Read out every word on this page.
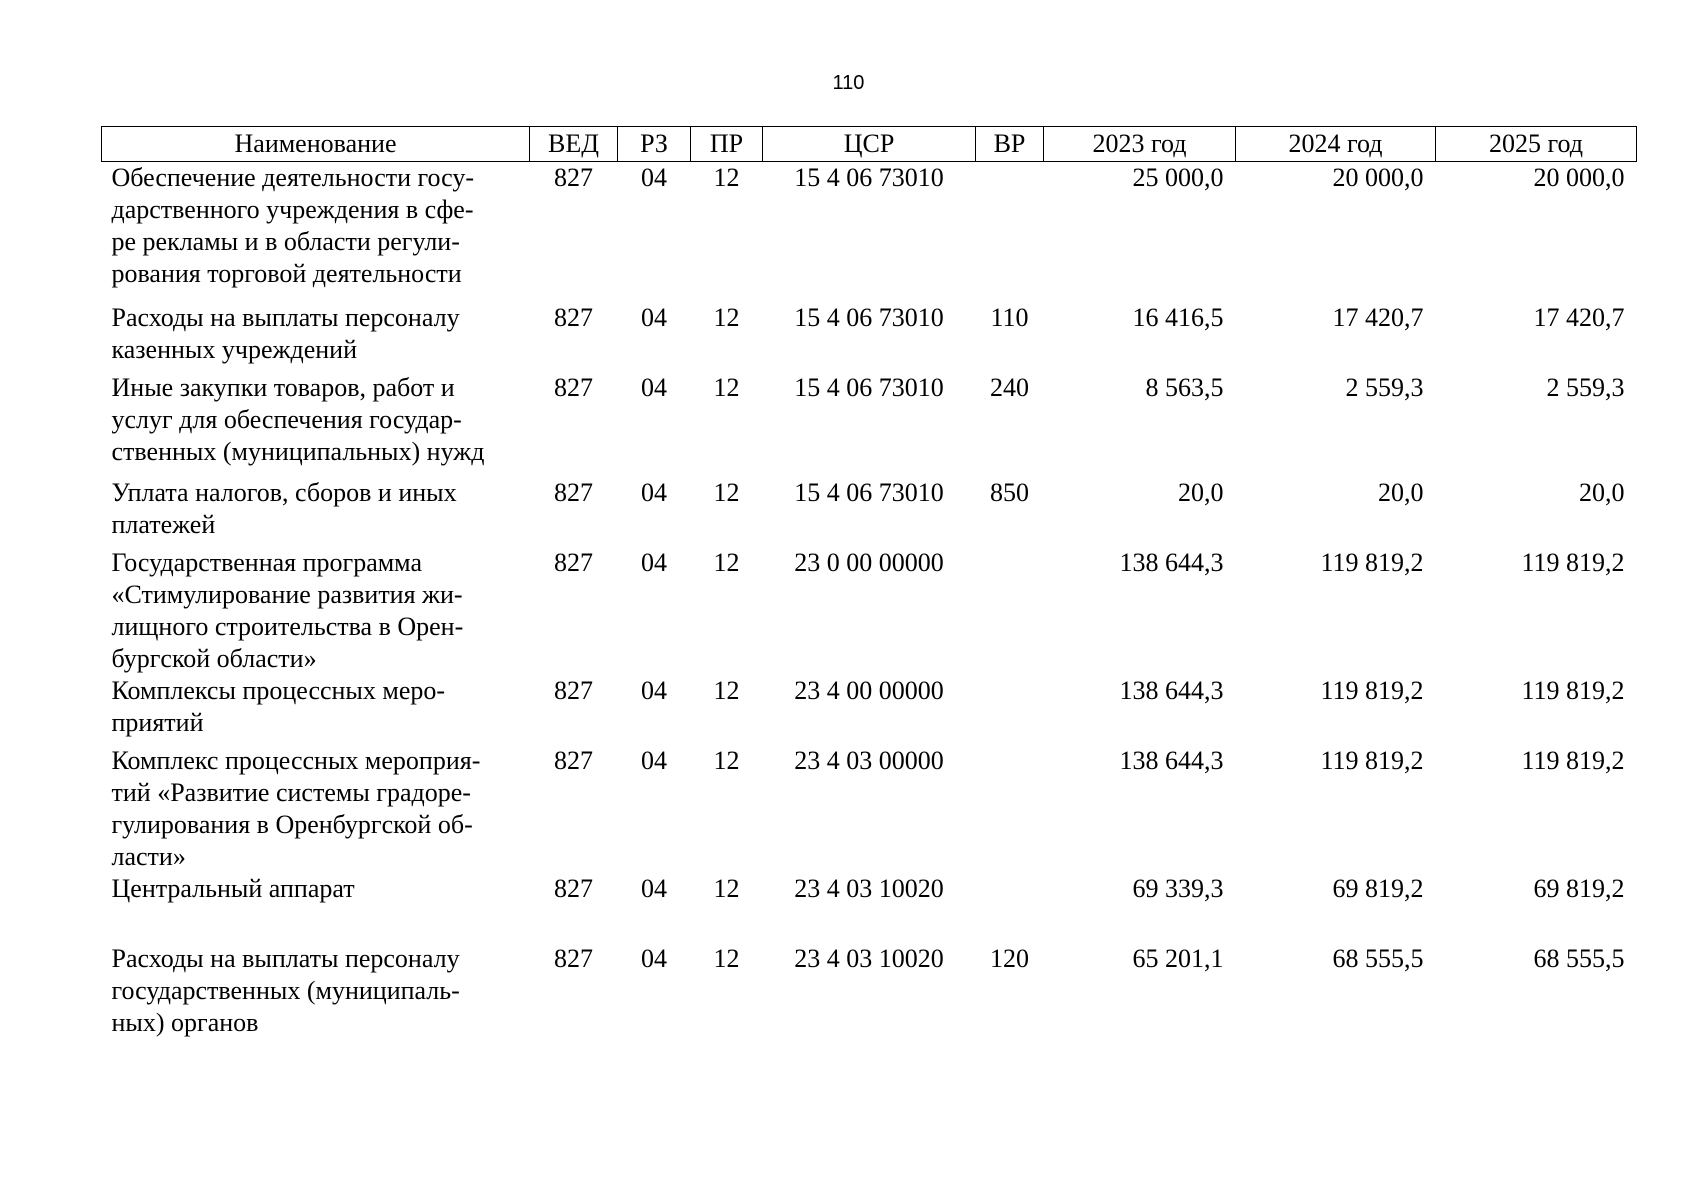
110
Наименование	ВЕД	РЗ	ПР	ЦСР	ВР	2023 год	2024 год	2025 год

Обеспечение деятельности госу-
дарственного учреждения в сфе-
ре рекламы и в области регули-
рования торговой деятельности	827	04	12	15 4 06 73010		25 000,0	20 000,0	20 000,0

Расходы на выплаты персоналу
казенных учреждений	827	04	12	15 4 06 73010	110	16 416,5	17 420,7	17 420,7

Иные закупки товаров, работ и
услуг для обеспечения государ-
ственных (муниципальных) нужд	827	04	12	15 4 06 73010	240	8 563,5	2 559,3	2 559,3

Уплата налогов, сборов и иных
платежей	827	04	12	15 4 06 73010	850	20,0	20,0	20,0

Государственная программа
«Стимулирование развития жи-
лищного строительства в Орен-
бургской области»	827	04	12	23 0 00 00000		138 644,3	119 819,2	119 819,2

Комплексы процессных меро-
приятий	827	04	12	23 4 00 00000		138 644,3	119 819,2	119 819,2

Комплекс процессных мероприя-
тий «Развитие системы градоре-
гулирования в Оренбургской об-
ласти»	827	04	12	23 4 03 00000		138 644,3	119 819,2	119 819,2

Центральный аппарат	827	04	12	23 4 03 10020		69 339,3	69 819,2	69 819,2

Расходы на выплаты персоналу
государственных (муниципаль-
ных) органов	827	04	12	23 4 03 10020	120	65 201,1	68 555,5	68 555,5
